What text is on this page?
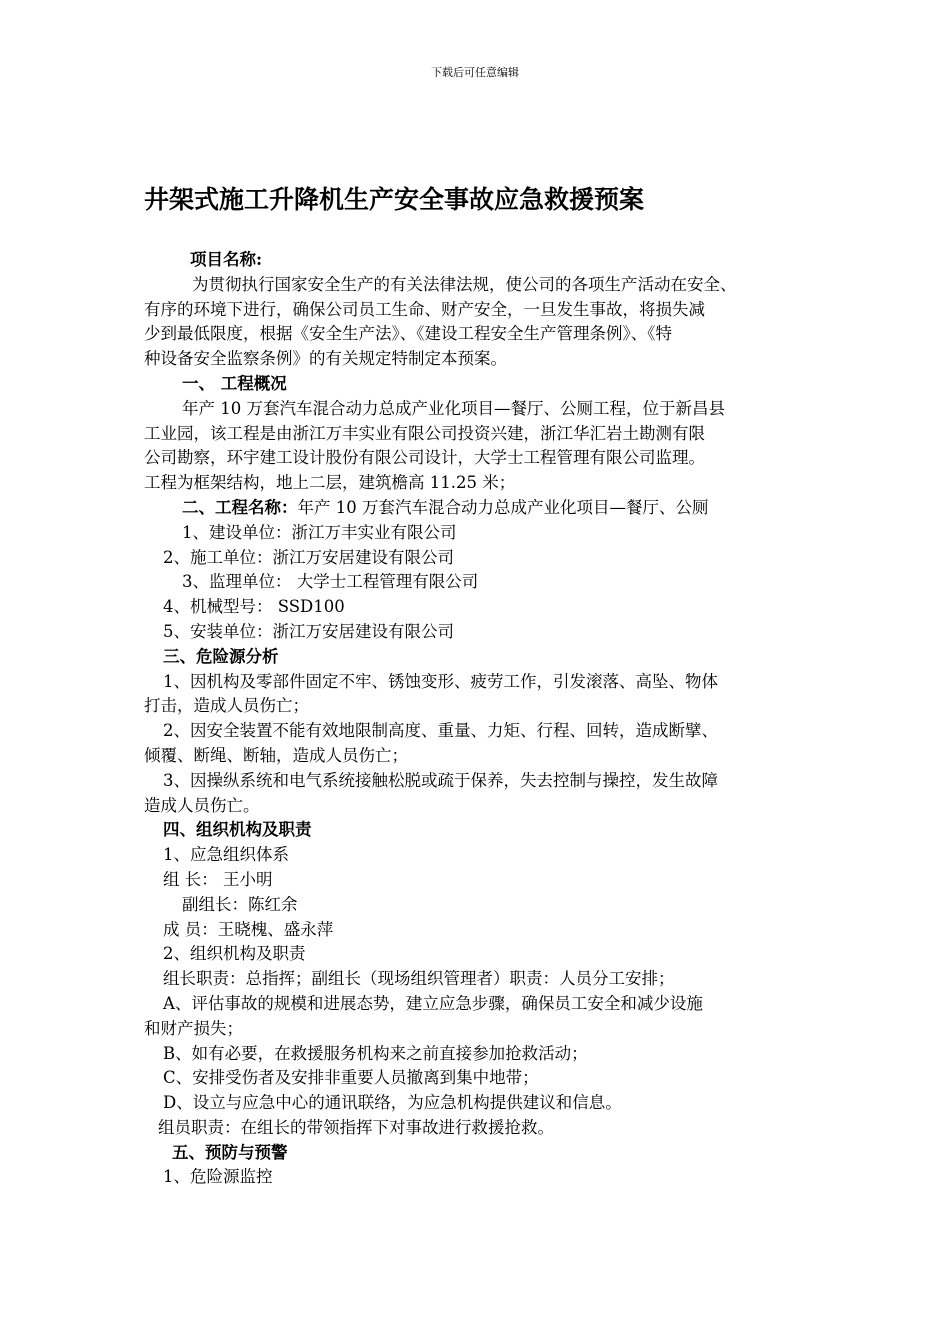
下载后可任意编辑
井架式施工升降机生产安全事故应急救援预案
项目名称:
为贯彻执行国家安全生产的有关法律法规，使公司的各项生产活动在安全、
有序的环境下进行，确保公司员工生命、财产安全，一旦发生事故，将损失减
少到最低限度，根据《安全生产法》、《建设工程安全生产管理条例》、《特
种设备安全监察条例》的有关规定特制定本预案。
一、 工程概况
年产 10 万套汽车混合动力总成产业化项目—餐厅、公厕工程，位于新昌县
工业园，该工程是由浙江万丰实业有限公司投资兴建，浙江华汇岩土勘测有限
公司勘察，环宇建工设计股份有限公司设计，大学士工程管理有限公司监理。
工程为框架结构，地上二层，建筑檐高 11.25 米；
二、工程名称：年产 10 万套汽车混合动力总成产业化项目—餐厅、公厕
1、建设单位：浙江万丰实业有限公司
2、施工单位：浙江万安居建设有限公司
3、监理单位： 大学士工程管理有限公司
4、机械型号： SSD100
5、安装单位：浙江万安居建设有限公司
三、危险源分析
1、因机构及零部件固定不牢、锈蚀变形、疲劳工作，引发滚落、高坠、物体
打击，造成人员伤亡；
2、因安全装置不能有效地限制高度、重量、力矩、行程、回转，造成断擘、
倾覆、断绳、断轴，造成人员伤亡；
3、因操纵系统和电气系统接触松脱或疏于保养，失去控制与操控，发生故障
造成人员伤亡。
四、组织机构及职责
1、应急组织体系
组 长： 王小明
副组长：陈红余
成 员：王晓槐、盛永萍
2、组织机构及职责
组长职责：总指挥；副组长（现场组织管理者）职责：人员分工安排；
A、评估事故的规模和进展态势，建立应急步骤，确保员工安全和减少设施
和财产损失；
B、如有必要，在救援服务机构来之前直接参加抢救活动；
C、安排受伤者及安排非重要人员撤离到集中地带；
D、设立与应急中心的通讯联络，为应急机构提供建议和信息。
组员职责：在组长的带领指挥下对事故进行救援抢救。
五、预防与预警
1、危险源监控
